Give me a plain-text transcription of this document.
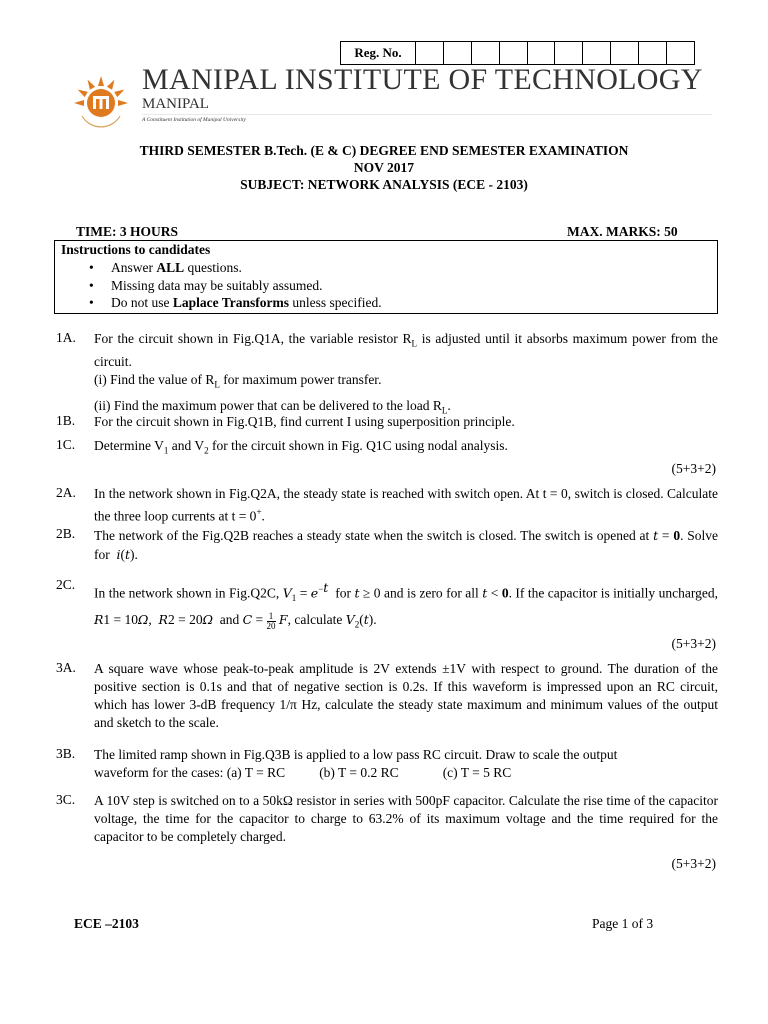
Reg. No.
MANIPAL INSTITUTE OF TECHNOLOGY
MANIPAL
A Constituent Institution of Manipal University
THIRD SEMESTER B.Tech. (E & C) DEGREE END SEMESTER EXAMINATION
NOV 2017
SUBJECT: NETWORK ANALYSIS (ECE - 2103)
TIME: 3 HOURS	MAX. MARKS: 50
Instructions to candidates
• Answer ALL questions.
• Missing data may be suitably assumed.
• Do not use Laplace Transforms unless specified.
1A. For the circuit shown in Fig.Q1A, the variable resistor $R_L$ is adjusted until it absorbs maximum power from the circuit.
(i) Find the value of $R_L$ for maximum power transfer.

(ii) Find the maximum power that can be delivered to the load $R_L$.
1B. For the circuit shown in Fig.Q1B, find current I using superposition principle.
1C. Determine $V_1$ and $V_2$ for the circuit shown in Fig. Q1C using nodal analysis.
(5+3+2)
2A. In the network shown in Fig.Q2A, the steady state is reached with switch open. At t = 0, switch is closed. Calculate the three loop currents at t = 0+.
2B. The network of the Fig.Q2B reaches a steady state when the switch is closed. The switch is opened at t = 0. Solve for  i(t).
2C.
In the network shown in Fig.Q2C, $V_1 = e^{-t}$  for t ≥ 0 and is zero for all t < 0. If the capacitor is initially uncharged, R1 = 10Ω,  R2 = 20Ω  and $C = \frac{1}{20} F$, calculate $V_2(t)$.
(5+3+2)
3A. A square wave whose peak-to-peak amplitude is 2V extends ±1V with respect to ground. The duration of the positive section is 0.1s and that of negative section is 0.2s. If this waveform is impressed upon an RC circuit, which has lower 3-dB frequency 1/π Hz, calculate the steady state maximum and minimum values of the output and sketch to the scale.
3B. The limited ramp shown in Fig.Q3B is applied to a low pass RC circuit. Draw to scale the output
waveform for the cases: (a) T = RC	(b) T = 0.2 RC	(c) T = 5 RC
3C. A 10V step is switched on to a 50kΩ resistor in series with 500pF capacitor. Calculate the rise time of the capacitor voltage, the time for the capacitor to charge to 63.2% of its maximum voltage and the time required for the capacitor to be completely charged.
(5+3+2)
ECE –2103	Page 1 of 3
